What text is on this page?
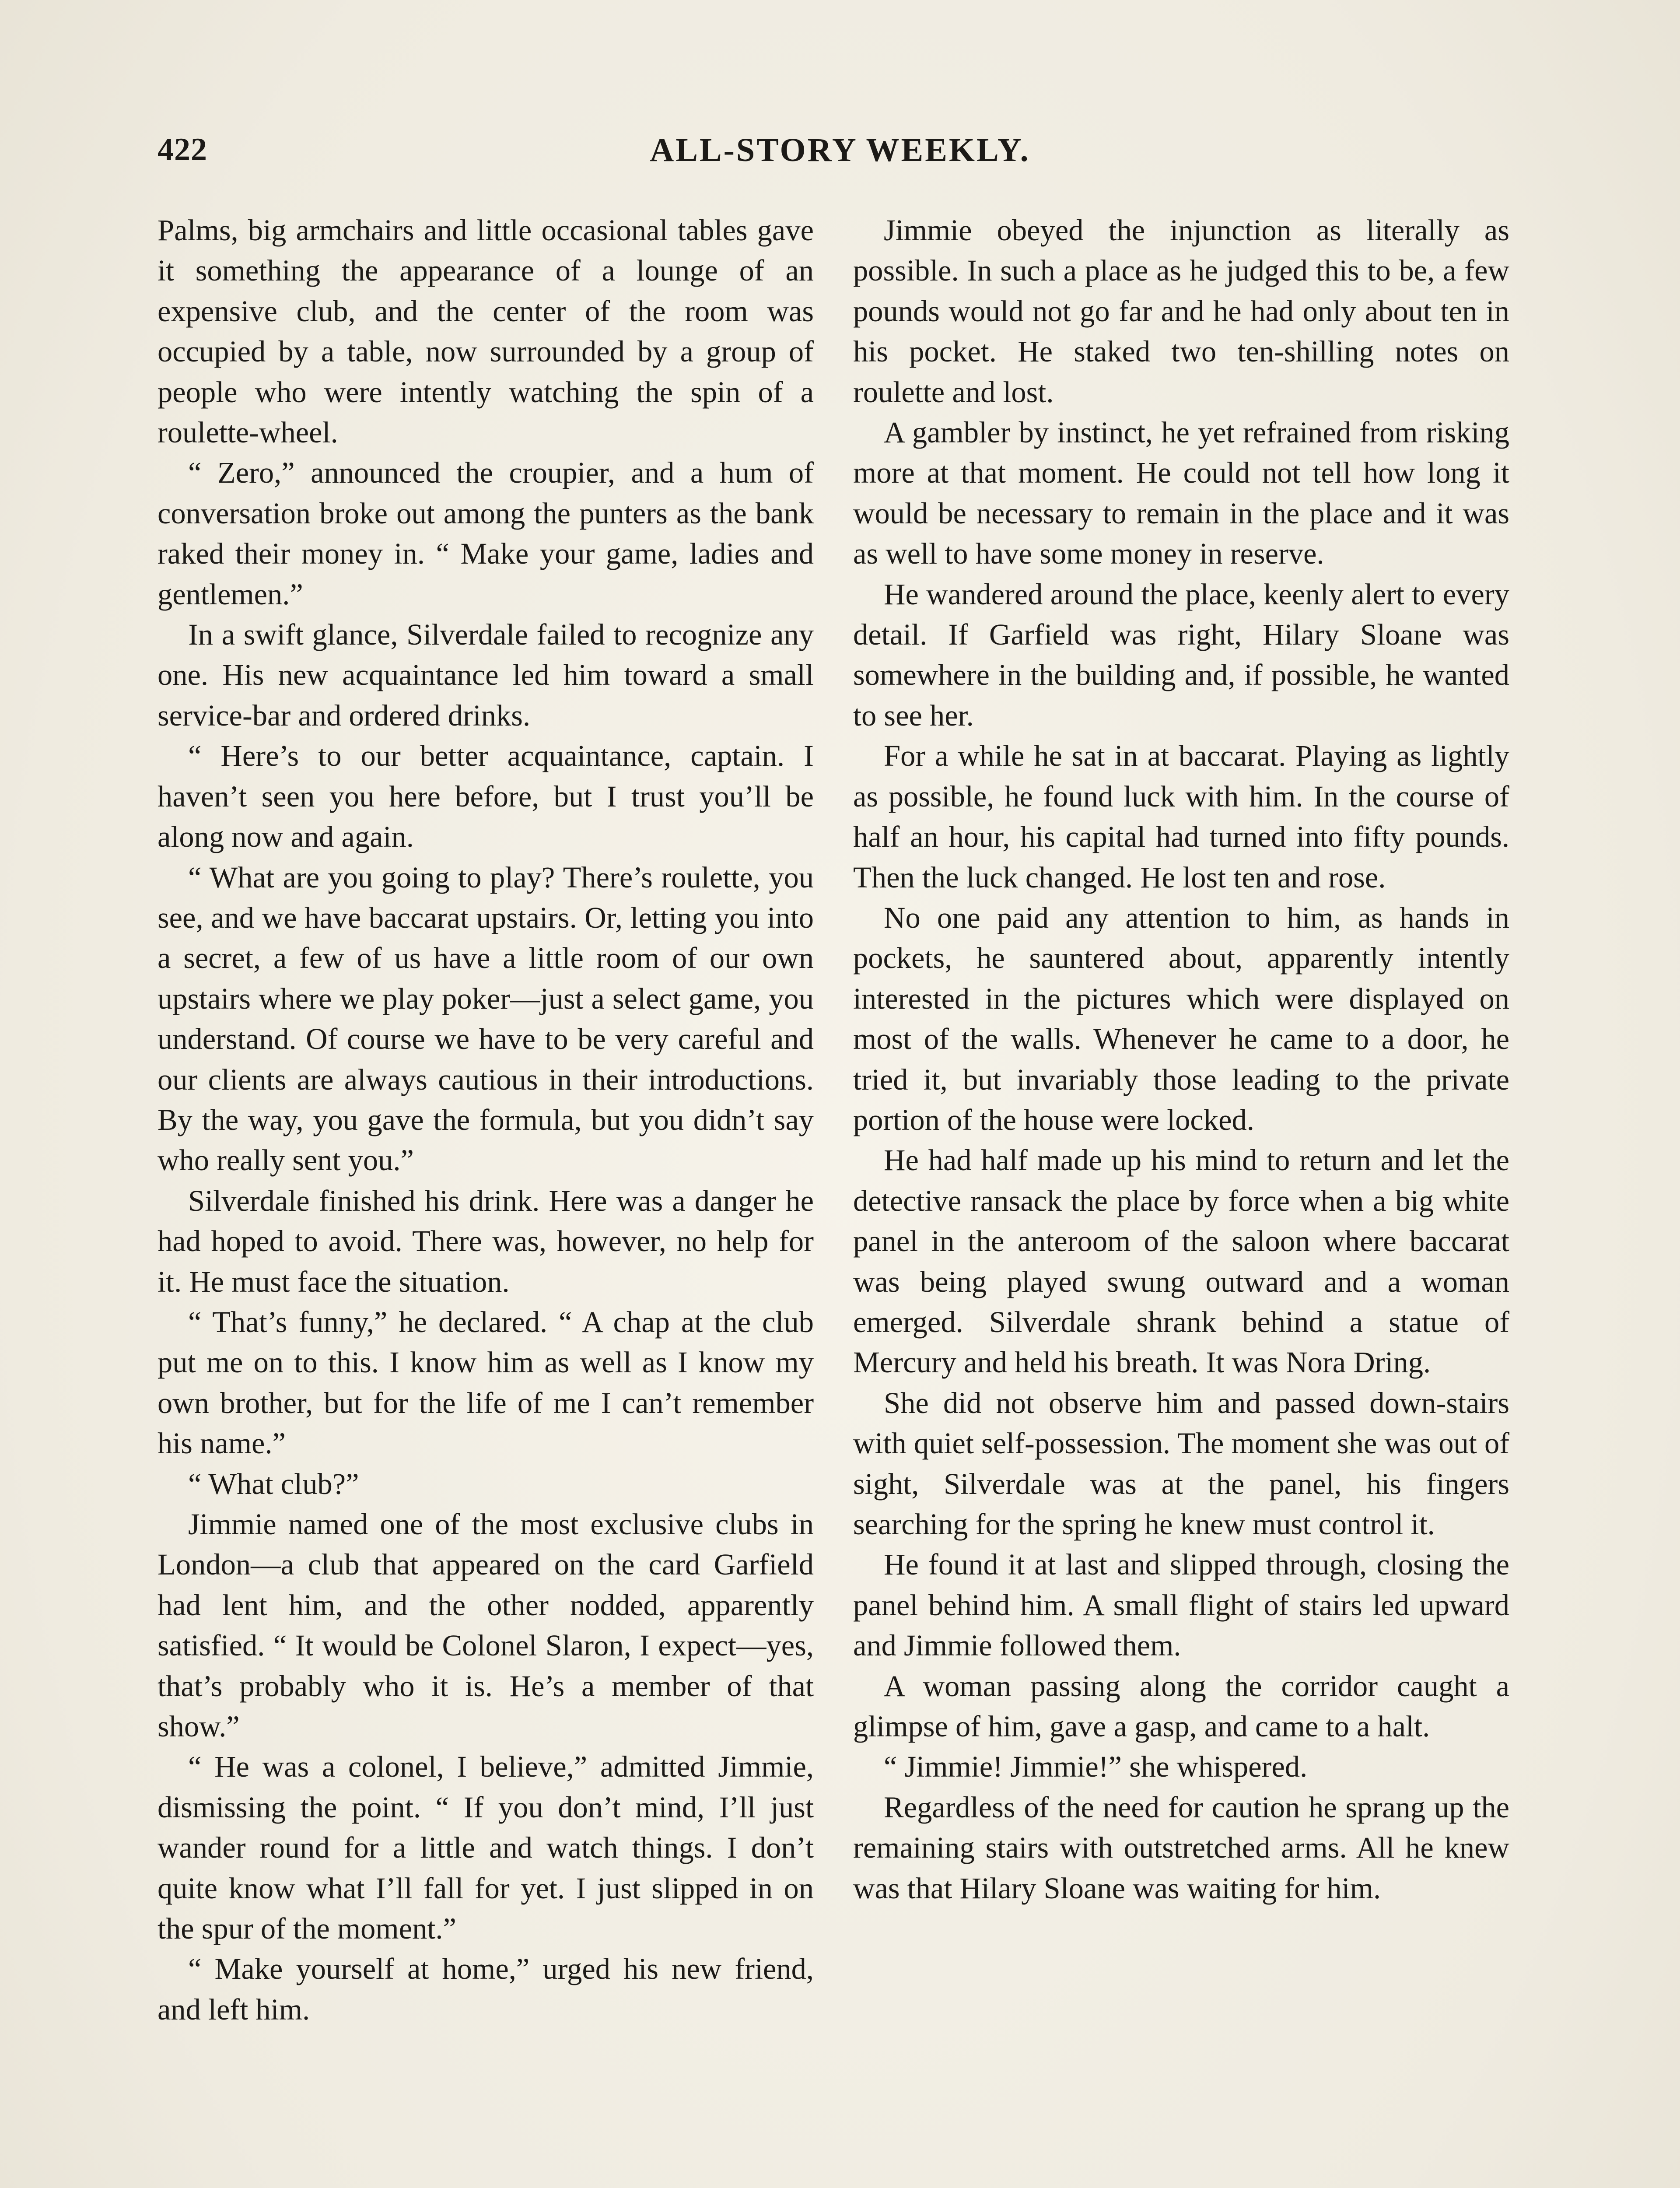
422	ALL-STORY WEEKLY.

Palms, big armchairs and little occasional tables gave it something the appearance of a lounge of an expensive club, and the center of the room was occupied by a table, now surrounded by a group of people who were intently watching the spin of a roulette-wheel.

“ Zero,” announced the croupier, and a hum of conversation broke out among the punters as the bank raked their money in. “ Make your game, ladies and gentlemen.”

In a swift glance, Silverdale failed to recognize any one. His new acquaintance led him toward a small service-bar and ordered drinks.

“ Here’s to our better acquaintance, captain. I haven’t seen you here before, but I trust you’ll be along now and again.

“ What are you going to play? There’s roulette, you see, and we have baccarat upstairs. Or, letting you into a secret, a few of us have a little room of our own upstairs where we play poker—just a select game, you understand. Of course we have to be very careful and our clients are always cautious in their introductions. By the way, you gave the formula, but you didn’t say who really sent you.”

Silverdale finished his drink. Here was a danger he had hoped to avoid. There was, however, no help for it. He must face the situation.

“ That’s funny,” he declared. “ A chap at the club put me on to this. I know him as well as I know my own brother, but for the life of me I can’t remember his name.”

“ What club?”

Jimmie named one of the most exclusive clubs in London—a club that appeared on the card Garfield had lent him, and the other nodded, apparently satisfied. “ It would be Colonel Slaron, I expect—yes, that’s probably who it is. He’s a member of that show.”

“ He was a colonel, I believe,” admitted Jimmie, dismissing the point. “ If you don’t mind, I’ll just wander round for a little and watch things. I don’t quite know what I’ll fall for yet. I just slipped in on the spur of the moment.”

“ Make yourself at home,” urged his new friend, and left him.

Jimmie obeyed the injunction as literally as possible. In such a place as he judged this to be, a few pounds would not go far and he had only about ten in his pocket. He staked two ten-shilling notes on roulette and lost.

A gambler by instinct, he yet refrained from risking more at that moment. He could not tell how long it would be necessary to remain in the place and it was as well to have some money in reserve.

He wandered around the place, keenly alert to every detail. If Garfield was right, Hilary Sloane was somewhere in the building and, if possible, he wanted to see her.

For a while he sat in at baccarat. Playing as lightly as possible, he found luck with him. In the course of half an hour, his capital had turned into fifty pounds. Then the luck changed. He lost ten and rose.

No one paid any attention to him, as hands in pockets, he sauntered about, apparently intently interested in the pictures which were displayed on most of the walls. Whenever he came to a door, he tried it, but invariably those leading to the private portion of the house were locked.

He had half made up his mind to return and let the detective ransack the place by force when a big white panel in the anteroom of the saloon where baccarat was being played swung outward and a woman emerged. Silverdale shrank behind a statue of Mercury and held his breath. It was Nora Dring.

She did not observe him and passed down-stairs with quiet self-possession. The moment she was out of sight, Silverdale was at the panel, his fingers searching for the spring he knew must control it.

He found it at last and slipped through, closing the panel behind him. A small flight of stairs led upward and Jimmie followed them.

A woman passing along the corridor caught a glimpse of him, gave a gasp, and came to a halt.

“ Jimmie! Jimmie!” she whispered.

Regardless of the need for caution he sprang up the remaining stairs with outstretched arms. All he knew was that Hilary Sloane was waiting for him.
